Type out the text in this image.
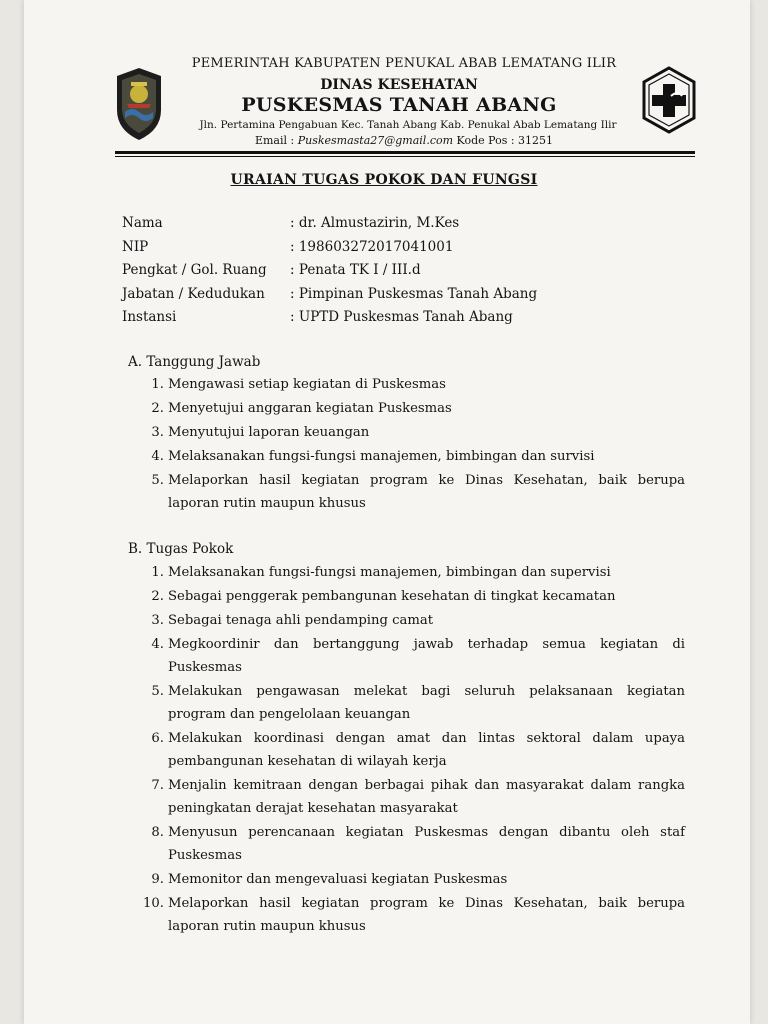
PEMERINTAH KABUPATEN PENUKAL ABAB LEMATANG ILIR
DINAS KESEHATAN
PUSKESMAS TANAH ABANG
Jln. Pertamina Pengabuan Kec. Tanah Abang Kab. Penukal Abab Lematang Ilir
Email : Puskesmasta27@gmail.com Kode Pos : 31251
URAIAN TUGAS POKOK DAN FUNGSI
Nama	: dr. Almustazirin, M.Kes
NIP	: 198603272017041001
Pengkat / Gol. Ruang : Penata TK I / III.d
Jabatan / Kedudukan : Pimpinan Puskesmas Tanah Abang
Instansi	: UPTD Puskesmas Tanah Abang
A. Tanggung Jawab
1. Mengawasi setiap kegiatan di Puskesmas
2. Menyetujui anggaran kegiatan Puskesmas
3. Menyutujui laporan keuangan
4. Melaksanakan fungsi-fungsi manajemen, bimbingan dan survisi
5. Melaporkan hasil kegiatan program ke Dinas Kesehatan, baik berupa laporan rutin maupun khusus
B. Tugas Pokok
1. Melaksanakan fungsi-fungsi manajemen, bimbingan dan supervisi
2. Sebagai penggerak pembangunan kesehatan di tingkat kecamatan
3. Sebagai tenaga ahli pendamping camat
4. Megkoordinir dan bertanggung jawab terhadap semua kegiatan di Puskesmas
5. Melakukan pengawasan melekat bagi seluruh pelaksanaan kegiatan program dan pengelolaan keuangan
6. Melakukan koordinasi dengan amat dan lintas sektoral dalam upaya pembangunan kesehatan di wilayah kerja
7. Menjalin kemitraan dengan berbagai pihak dan masyarakat dalam rangka peningkatan derajat kesehatan masyarakat
8. Menyusun perencanaan kegiatan Puskesmas dengan dibantu oleh staf Puskesmas
9. Memonitor dan mengevaluasi kegiatan Puskesmas
10. Melaporkan hasil kegiatan program ke Dinas Kesehatan, baik berupa laporan rutin maupun khusus
